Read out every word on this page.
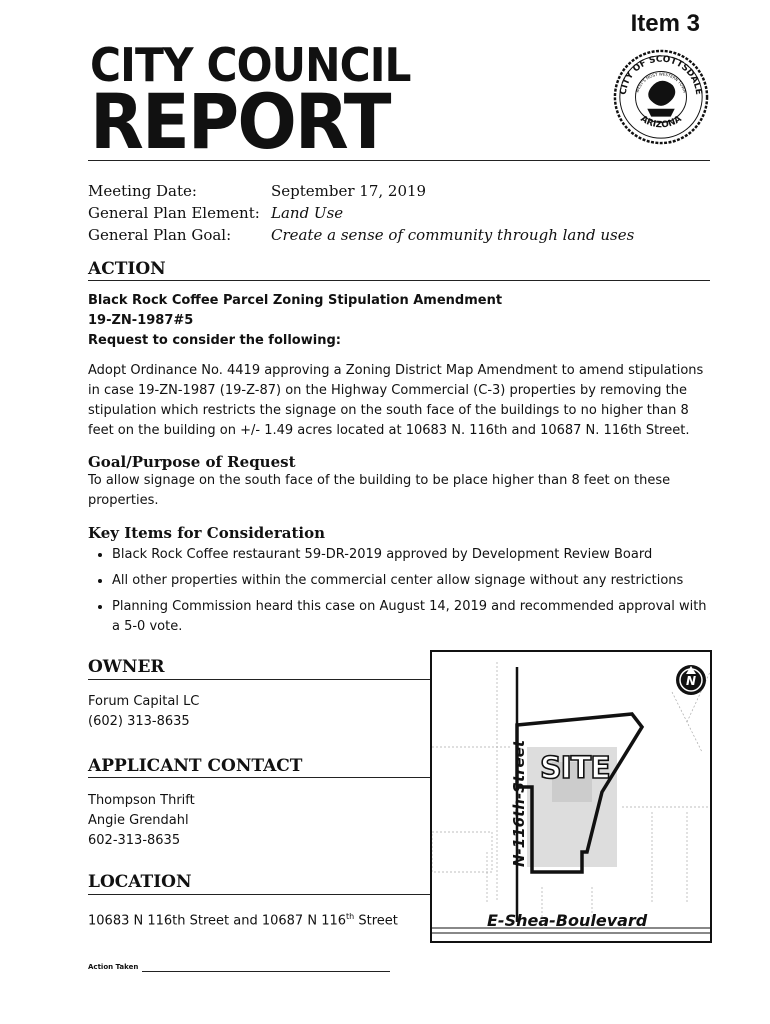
Item 3
CITY COUNCIL
REPORT	CITY OF SCOTTSDALE
ARIZONA
WEST'S MOST WESTERN TOWN
Meeting Date:	September 17, 2019
General Plan Element: Land Use
General Plan Goal:	Create a sense of community through land uses
ACTION
Black Rock Coffee Parcel Zoning Stipulation Amendment
19-ZN-1987#5
Request to consider the following:
Adopt Ordinance No. 4419 approving a Zoning District Map Amendment to amend stipulations in case 19-ZN-1987 (19-Z-87) on the Highway Commercial (C-3) properties by removing the stipulation which restricts the signage on the south face of the buildings to no higher than 8 feet on the building on +/- 1.49 acres located at 10683 N. 116th and 10687 N. 116th Street.
Goal/Purpose of Request
To allow signage on the south face of the building to be place higher than 8 feet on these properties.
Key Items for Consideration
• Black Rock Coffee restaurant 59-DR-2019 approved by Development Review Board
• All other properties within the commercial center allow signage without any restrictions
• Planning Commission heard this case on August 14, 2019 and recommended approval with a 5-0 vote.
OWNER
Forum Capital LC
(602) 313-8635
APPLICANT CONTACT
Thompson Thrift
Angie Grendahl
602-313-8635
LOCATION
10683 N 116th Street and 10687 N 116th Street
N
SITE
N-116th-Street
E-Shea-Boulevard
Action Taken
